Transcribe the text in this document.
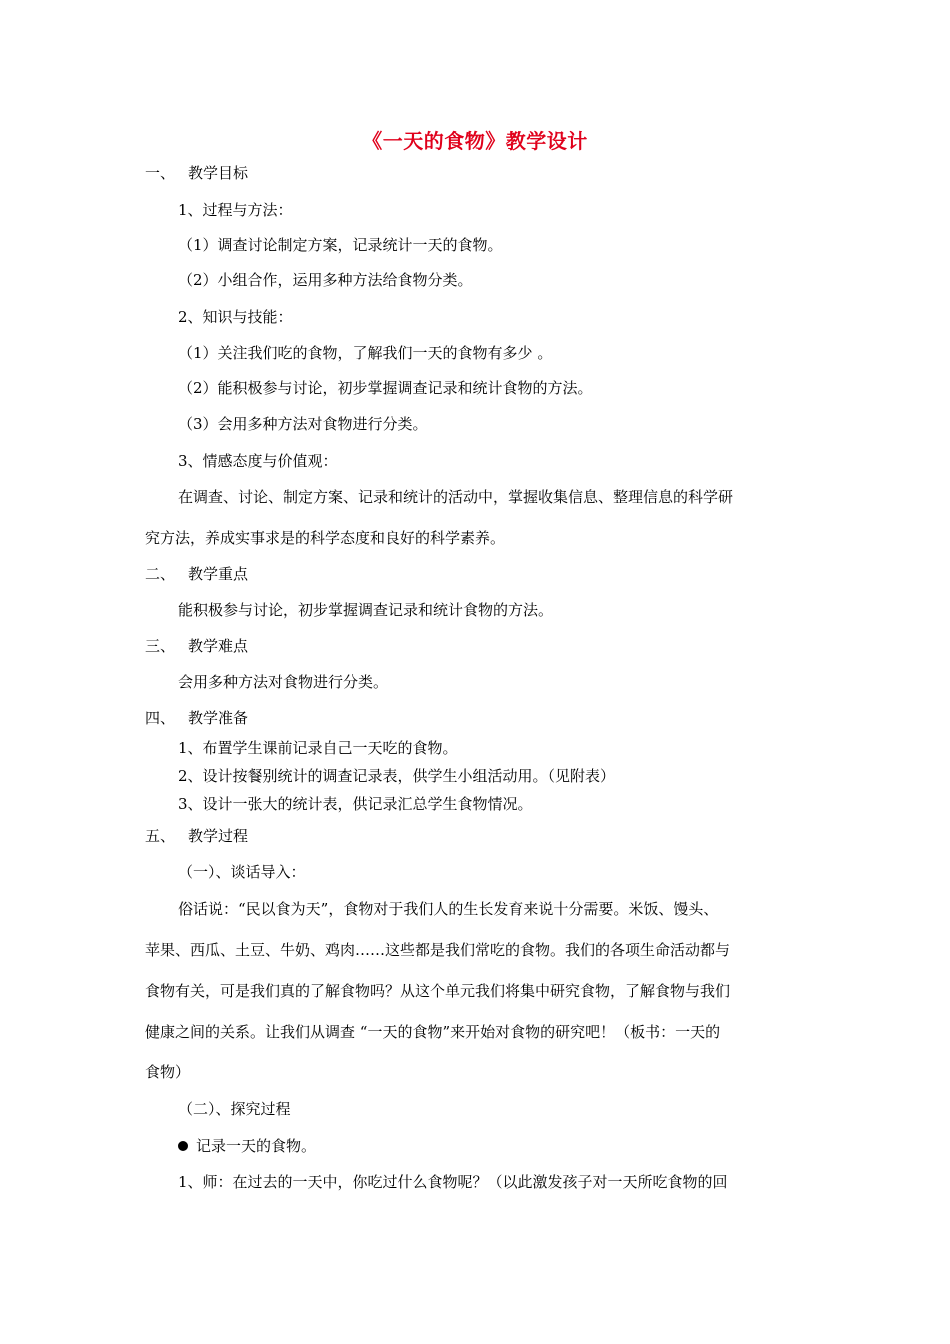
《一天的食物》教学设计
一、 教学目标
1、过程与方法：
（1）调查讨论制定方案，记录统计一天的食物。
（2）小组合作，运用多种方法给食物分类。
2、知识与技能：
（1）关注我们吃的食物，了解我们一天的食物有多少 。
（2）能积极参与讨论，初步掌握调查记录和统计食物的方法。
（3）会用多种方法对食物进行分类。
3、情感态度与价值观：
在调查、讨论、制定方案、记录和统计的活动中，掌握收集信息、整理信息的科学研
究方法，养成实事求是的科学态度和良好的科学素养。
二、 教学重点
能积极参与讨论，初步掌握调查记录和统计食物的方法。
三、 教学难点
会用多种方法对食物进行分类。
四、 教学准备
1、布置学生课前记录自己一天吃的食物。
2、设计按餐别统计的调查记录表，供学生小组活动用。（见附表）
3、设计一张大的统计表，供记录汇总学生食物情况。
五、 教学过程
（一）、谈话导入：
俗话说：“民以食为天”，食物对于我们人的生长发育来说十分需要。米饭、馒头、
苹果、西瓜、土豆、牛奶、鸡肉……这些都是我们常吃的食物。我们的各项生命活动都与
食物有关，可是我们真的了解食物吗？从这个单元我们将集中研究食物，了解食物与我们
健康之间的关系。让我们从调查 “一天的食物”来开始对食物的研究吧！（板书：一天的
食物）
（二）、探究过程
记录一天的食物。
1、师：在过去的一天中，你吃过什么食物呢？（以此激发孩子对一天所吃食物的回
